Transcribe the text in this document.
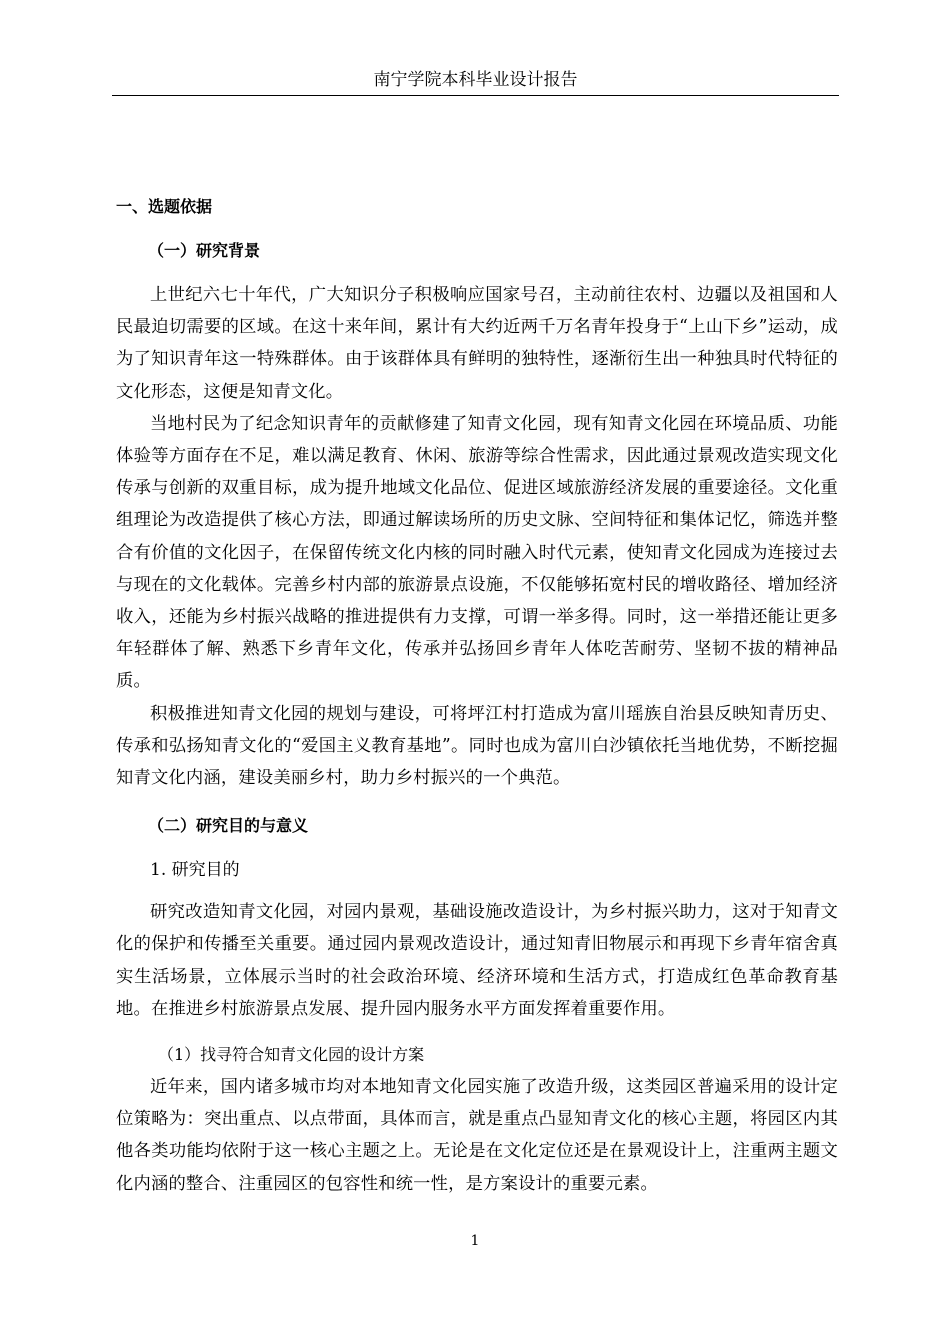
南宁学院本科毕业设计报告
一、选题依据
（一）研究背景

上世纪六七十年代，广大知识分子积极响应国家号召，主动前往农村、边疆以及祖国和人民最迫切需要的区域。在这十来年间，累计有大约近两千万名青年投身于“上山下乡”运动，成为了知识青年这一特殊群体。由于该群体具有鲜明的独特性，逐渐衍生出一种独具时代特征的文化形态，这便是知青文化。

当地村民为了纪念知识青年的贡献修建了知青文化园，现有知青文化园在环境品质、功能体验等方面存在不足，难以满足教育、休闲、旅游等综合性需求，因此通过景观改造实现文化传承与创新的双重目标，成为提升地域文化品位、促进区域旅游经济发展的重要途径。文化重组理论为改造提供了核心方法，即通过解读场所的历史文脉、空间特征和集体记忆，筛选并整合有价值的文化因子，在保留传统文化内核的同时融入时代元素，使知青文化园成为连接过去与现在的文化载体。完善乡村内部的旅游景点设施，不仅能够拓宽村民的增收路径、增加经济收入，还能为乡村振兴战略的推进提供有力支撑，可谓一举多得。同时，这一举措还能让更多年轻群体了解、熟悉下乡青年文化，传承并弘扬回乡青年人体吃苦耐劳、坚韧不拔的精神品质。

积极推进知青文化园的规划与建设，可将坪江村打造成为富川瑶族自治县反映知青历史、传承和弘扬知青文化的“爱国主义教育基地”。同时也成为富川白沙镇依托当地优势，不断挖掘知青文化内涵，建设美丽乡村，助力乡村振兴的一个典范。

（二）研究目的与意义
1. 研究目的

研究改造知青文化园，对园内景观，基础设施改造设计，为乡村振兴助力，这对于知青文化的保护和传播至关重要。通过园内景观改造设计，通过知青旧物展示和再现下乡青年宿舍真实生活场景，立体展示当时的社会政治环境、经济环境和生活方式，打造成红色革命教育基地。在推进乡村旅游景点发展、提升园内服务水平方面发挥着重要作用。

（1）找寻符合知青文化园的设计方案

近年来，国内诸多城市均对本地知青文化园实施了改造升级，这类园区普遍采用的设计定位策略为：突出重点、以点带面，具体而言，就是重点凸显知青文化的核心主题，将园区内其他各类功能均依附于这一核心主题之上。无论是在文化定位还是在景观设计上，注重两主题文化内涵的整合、注重园区的包容性和统一性，是方案设计的重要元素。

1
